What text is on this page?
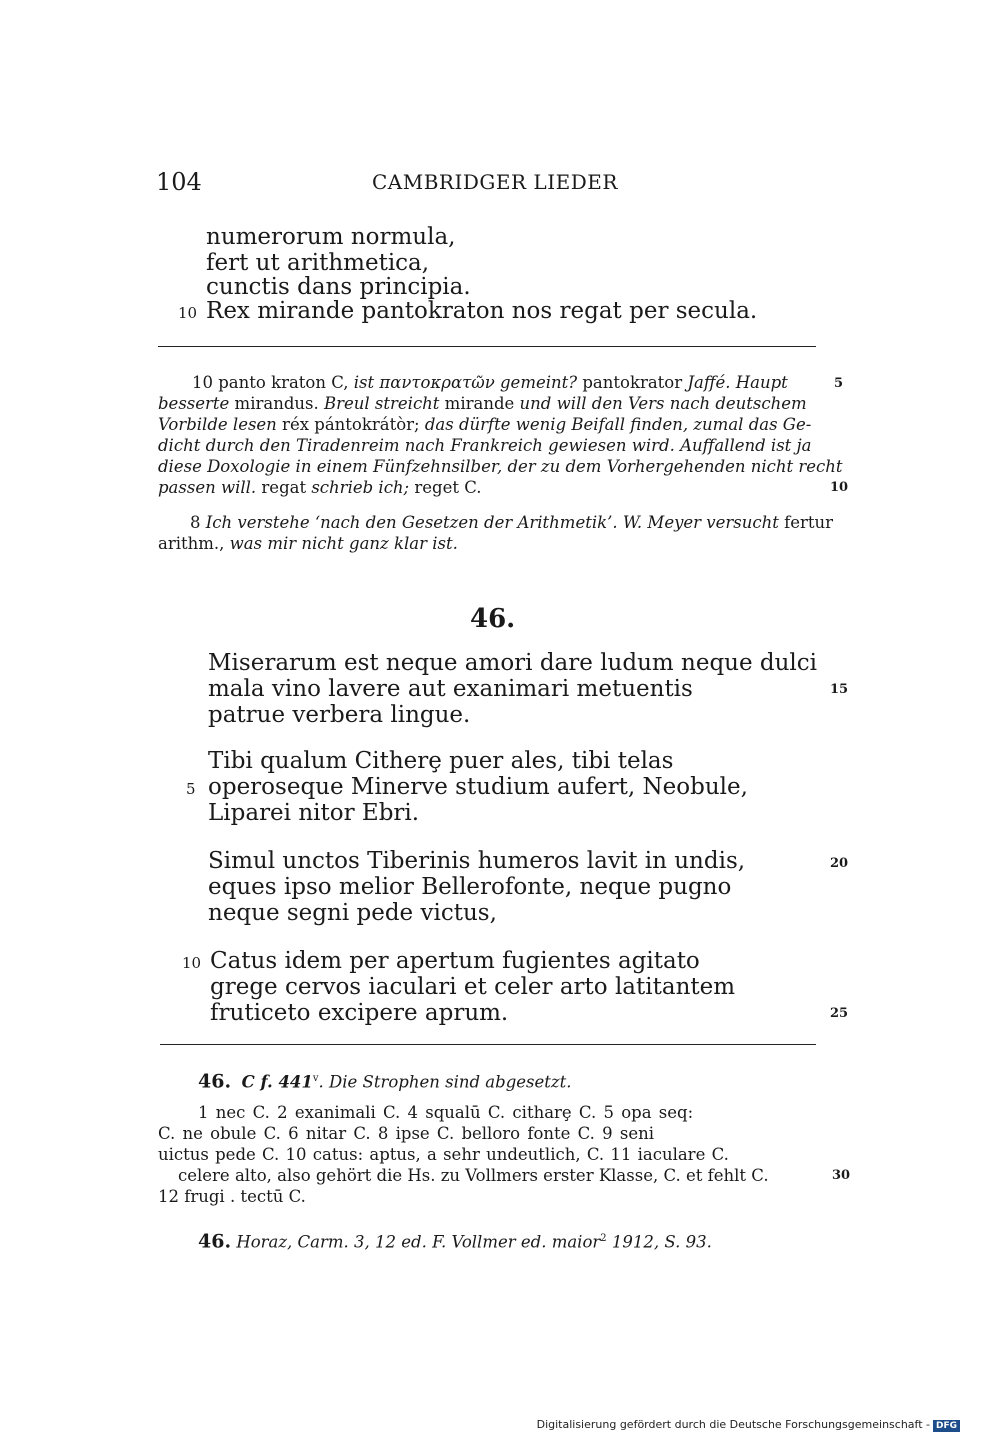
104	CAMBRIDGER LIEDER
numerorum normula,
fert ut arithmetica,
cunctis dans principia.
10 Rex mirande pantokraton nos regat per secula.
10 panto kraton C, ist παντοκρατῶν gemeint? pantokrator Jaffé. Haupt	5
besserte mirandus. Breul streicht mirande und will den Vers nach deutschem
Vorbilde lesen réx pántokrátòr; das dürfte wenig Beifall finden, zumal das Ge-
dicht durch den Tiradenreim nach Frankreich gewiesen wird. Auffallend ist ja
diese Doxologie in einem Fünfzehnsilber, der zu dem Vorhergehenden nicht recht
passen will. regat schrieb ich; reget C.	10
8 Ich verstehe ‘nach den Gesetzen der Arithmetik’. W. Meyer versucht fertur
arithm., was mir nicht ganz klar ist.
46.
Miserarum est neque amori dare ludum neque dulci
mala vino lavere aut exanimari metuentis	15
patrue verbera lingue.
Tibi qualum Citherȩ puer ales, tibi telas
5 operoseque Minerve studium aufert, Neobule,
Liparei nitor Ebri.
Simul unctos Tiberinis humeros lavit in undis,	20
eques ipso melior Bellerofonte, neque pugno
neque segni pede victus,
10 Catus idem per apertum fugientes agitato
grege cervos iaculari et celer arto latitantem
fruticeto excipere aprum.	25
46. C f. 441$^v$. Die Strophen sind abgesetzt.
1 nec C. 2 exanimali C. 4 squalū C. citharȩ C. 5 opa seq:
C. ne obule C. 6 nitar C. 8 ipse C. belloro fonte C. 9 seni
uictus pede C. 10 catus: aptus, a sehr undeutlich, C. 11 iaculare C.
celere alto, also gehört die Hs. zu Vollmers erster Klasse, C. et fehlt C.	30
12 frugi . tectū C.
46. Horaz, Carm. 3, 12 ed. F. Vollmer ed. maior$^2$ 1912, S. 93.
Digitalisierung gefördert durch die Deutsche Forschungsgemeinschaft - DFG
